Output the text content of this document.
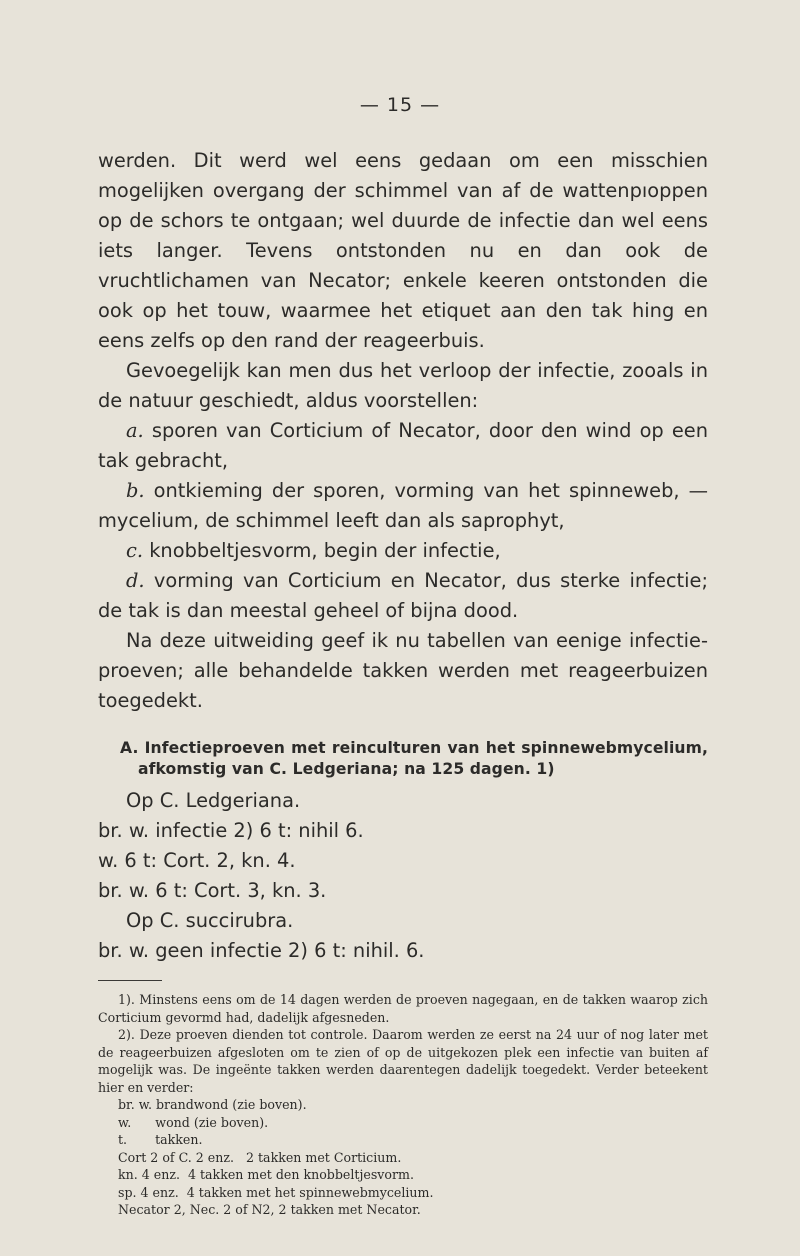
— 15 —

werden. Dit werd wel eens gedaan om een misschien mogelijken overgang der schimmel van af de wattenpıoppen op de schors te ontgaan; wel duurde de infectie dan wel eens iets langer. Tevens ontstonden nu en dan ook de vruchtlichamen van Necator; enkele keeren ontstonden die ook op het touw, waarmee het etiquet aan den tak hing en eens zelfs op den rand der reageerbuis.

Gevoegelijk kan men dus het verloop der infectie, zooals in de natuur geschiedt, aldus voorstellen:

a. sporen van Corticium of Necator, door den wind op een tak gebracht,

b. ontkieming der sporen, vorming van het spinneweb, — mycelium, de schimmel leeft dan als saprophyt,

c. knobbeltjesvorm, begin der infectie,

d. vorming van Corticium en Necator, dus sterke infectie; de tak is dan meestal geheel of bijna dood.

Na deze uitweiding geef ik nu tabellen van eenige infectie-proeven; alle behandelde takken werden met reageerbuizen toegedekt.

A. Infectieproeven met reinculturen van het spinnewebmycelium,
afkomstig van C. Ledgeriana; na 125 dagen. 1)
Op C. Ledgeriana.
br. w. infectie 2) 6 t: nihil 6.
w. 6 t: Cort. 2, kn. 4.
br. w. 6 t: Cort. 3, kn. 3.
Op C. succirubra.
br. w. geen infectie 2) 6 t: nihil. 6.

1). Minstens eens om de 14 dagen werden de proeven nagegaan, en de takken waarop zich Corticium gevormd had, dadelijk afgesneden.

2). Deze proeven dienden tot controle. Daarom werden ze eerst na 24 uur of nog later met de reageerbuizen afgesloten om te zien of op de uitgekozen plek een infectie van buiten af mogelijk was. De ingeënte takken werden daarentegen dadelijk toegedekt. Verder beteekent hier en verder:

br. w. brandwond (zie boven).
w.      wond (zie boven).
t.       takken.
Cort 2 of C. 2 enz.   2 takken met Corticium.
kn. 4 enz.  4 takken met den knobbeltjesvorm.
sp. 4 enz.  4 takken met het spinnewebmycelium.
Necator 2, Nec. 2 of N2, 2 takken met Necator.
